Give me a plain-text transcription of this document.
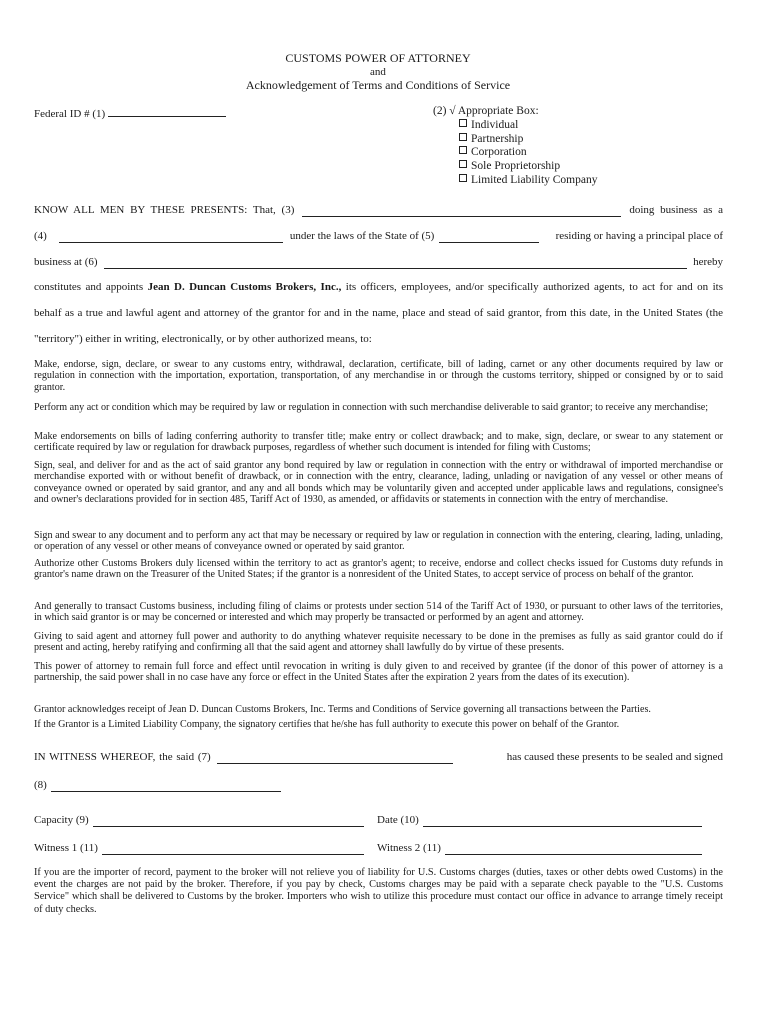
CUSTOMS POWER OF ATTORNEY
and
Acknowledgement of Terms and Conditions of Service
Federal ID # (1)	(2) √ Appropriate Box:
Individual
Partnership
Corporation
Sole Proprietorship
Limited Liability Company
KNOW ALL MEN BY THESE PRESENTS: That, (3)	doing business as a
(4)	under the laws of the State of (5)	residing or having a principal place of
business at (6)	hereby
constitutes and appoints Jean D. Duncan Customs Brokers, Inc., its officers, employees, and/or specifically authorized agents, to act for and on its
behalf as a true and lawful agent and attorney of the grantor for and in the name, place and stead of said grantor, from this date, in the United States (the
"territory") either in writing, electronically, or by other authorized means, to:
Make, endorse, sign, declare, or swear to any customs entry, withdrawal, declaration, certificate, bill of lading, carnet or any other documents required by law or regulation in connection with the importation, exportation, transportation, of any merchandise in or through the customs territory, shipped or consigned by or to said grantor.
Perform any act or condition which may be required by law or regulation in connection with such merchandise deliverable to said grantor; to receive any merchandise;
Make endorsements on bills of lading conferring authority to transfer title; make entry or collect drawback; and to make, sign, declare, or swear to any statement or certificate required by law or regulation for drawback purposes, regardless of whether such document is intended for filing with Customs;
Sign, seal, and deliver for and as the act of said grantor any bond required by law or regulation in connection with the entry or withdrawal of imported merchandise or merchandise exported with or without benefit of drawback, or in connection with the entry, clearance, lading, unlading or navigation of any vessel or other means of conveyance owned or operated by said grantor, and any and all bonds which may be voluntarily given and accepted under applicable laws and regulations, consignee's and owner's declarations provided for in section 485, Tariff Act of 1930, as amended, or affidavits or statements in connection with the entry of merchandise.
Sign and swear to any document and to perform any act that may be necessary or required by law or regulation in connection with the entering, clearing, lading, unlading, or operation of any vessel or other means of conveyance owned or operated by said grantor.
Authorize other Customs Brokers duly licensed within the territory to act as grantor's agent; to receive, endorse and collect checks issued for Customs duty refunds in grantor's name drawn on the Treasurer of the United States; if the grantor is a nonresident of the United States, to accept service of process on behalf of the grantor.
And generally to transact Customs business, including filing of claims or protests under section 514 of the Tariff Act of 1930, or pursuant to other laws of the territories, in which said grantor is or may be concerned or interested and which may properly be transacted or performed by an agent and attorney.
Giving to said agent and attorney full power and authority to do anything whatever requisite necessary to be done in the premises as fully as said grantor could do if present and acting, hereby ratifying and confirming all that the said agent and attorney shall lawfully do by virtue of these presents.
This power of attorney to remain full force and effect until revocation in writing is duly given to and received by grantee (if the donor of this power of attorney is a partnership, the said power shall in no case have any force or effect in the United States after the expiration 2 years from the dates of its execution).
Grantor acknowledges receipt of Jean D. Duncan Customs Brokers, Inc. Terms and Conditions of Service governing all transactions between the Parties.
If the Grantor is a Limited Liability Company, the signatory certifies that he/she has full authority to execute this power on behalf of the Grantor.
IN WITNESS WHEREOF, the said (7)	has caused these presents to be sealed and signed
(8)
Capacity (9)	Date (10)
Witness 1 (11)	Witness 2 (11)
If you are the importer of record, payment to the broker will not relieve you of liability for U.S. Customs charges (duties, taxes or other debts owed Customs) in the event the charges are not paid by the broker. Therefore, if you pay by check, Customs charges may be paid with a separate check payable to the "U.S. Customs Service" which shall be delivered to Customs by the broker. Importers who wish to utilize this procedure must contact our office in advance to arrange timely receipt of duty checks.
